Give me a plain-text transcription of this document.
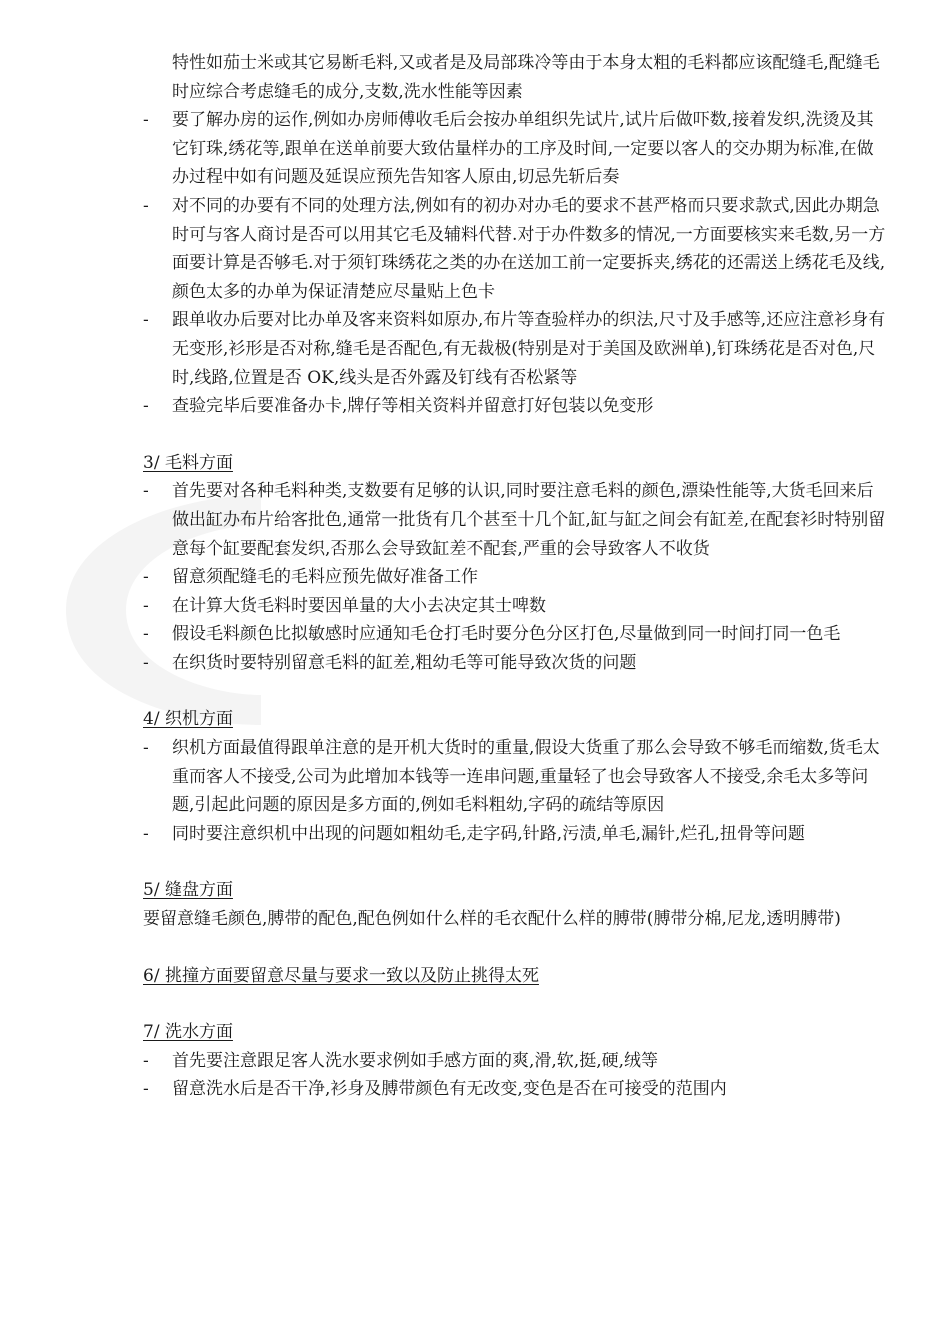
特性如茄士米或其它易断毛料,又或者是及局部珠冷等由于本身太粗的毛料都应该配缝毛,配缝毛时应综合考虑缝毛的成分,支数,洗水性能等因素
- 要了解办房的运作,例如办房师傅收毛后会按办单组织先试片,试片后做吓数,接着发织,洗烫及其它钉珠,绣花等,跟单在送单前要大致估量样办的工序及时间,一定要以客人的交办期为标准,在做办过程中如有问题及延误应预先告知客人原由,切忌先斩后奏
- 对不同的办要有不同的处理方法,例如有的初办对办毛的要求不甚严格而只要求款式,因此办期急时可与客人商讨是否可以用其它毛及辅料代替.对于办件数多的情况,一方面要核实来毛数,另一方面要计算是否够毛.对于须钉珠绣花之类的办在送加工前一定要拆夹,绣花的还需送上绣花毛及线,颜色太多的办单为保证清楚应尽量贴上色卡
- 跟单收办后要对比办单及客来资料如原办,布片等查验样办的织法,尺寸及手感等,还应注意衫身有无变形,衫形是否对称,缝毛是否配色,有无裁极(特别是对于美国及欧洲单),钉珠绣花是否对色,尺时,线路,位置是否 OK,线头是否外露及钉线有否松紧等
- 查验完毕后要准备办卡,牌仔等相关资料并留意打好包装以免变形
3/ 毛料方面
- 首先要对各种毛料种类,支数要有足够的认识,同时要注意毛料的颜色,漂染性能等,大货毛回来后做出缸办布片给客批色,通常一批货有几个甚至十几个缸,缸与缸之间会有缸差,在配套衫时特别留意每个缸要配套发织,否那么会导致缸差不配套,严重的会导致客人不收货
- 留意须配缝毛的毛料应预先做好准备工作
- 在计算大货毛料时要因单量的大小去决定其士啤数
- 假设毛料颜色比拟敏感时应通知毛仓打毛时要分色分区打色,尽量做到同一时间打同一色毛
- 在织货时要特别留意毛料的缸差,粗幼毛等可能导致次货的问题
4/ 织机方面
- 织机方面最值得跟单注意的是开机大货时的重量,假设大货重了那么会导致不够毛而缩数,货毛太重而客人不接受,公司为此增加本钱等一连串问题,重量轻了也会导致客人不接受,余毛太多等问题,引起此问题的原因是多方面的,例如毛料粗幼,字码的疏结等原因
- 同时要注意织机中出现的问题如粗幼毛,走字码,针路,污渍,单毛,漏针,烂孔,扭骨等问题
5/ 缝盘方面

要留意缝毛颜色,膊带的配色,配色例如什么样的毛衣配什么样的膊带(膊带分棉,尼龙,透明膊带)

6/ 挑撞方面要留意尽量与要求一致以及防止挑得太死
7/ 洗水方面
- 首先要注意跟足客人洗水要求例如手感方面的爽,滑,软,挺,硬,绒等
- 留意洗水后是否干净,衫身及膊带颜色有无改变,变色是否在可接受的范围内
